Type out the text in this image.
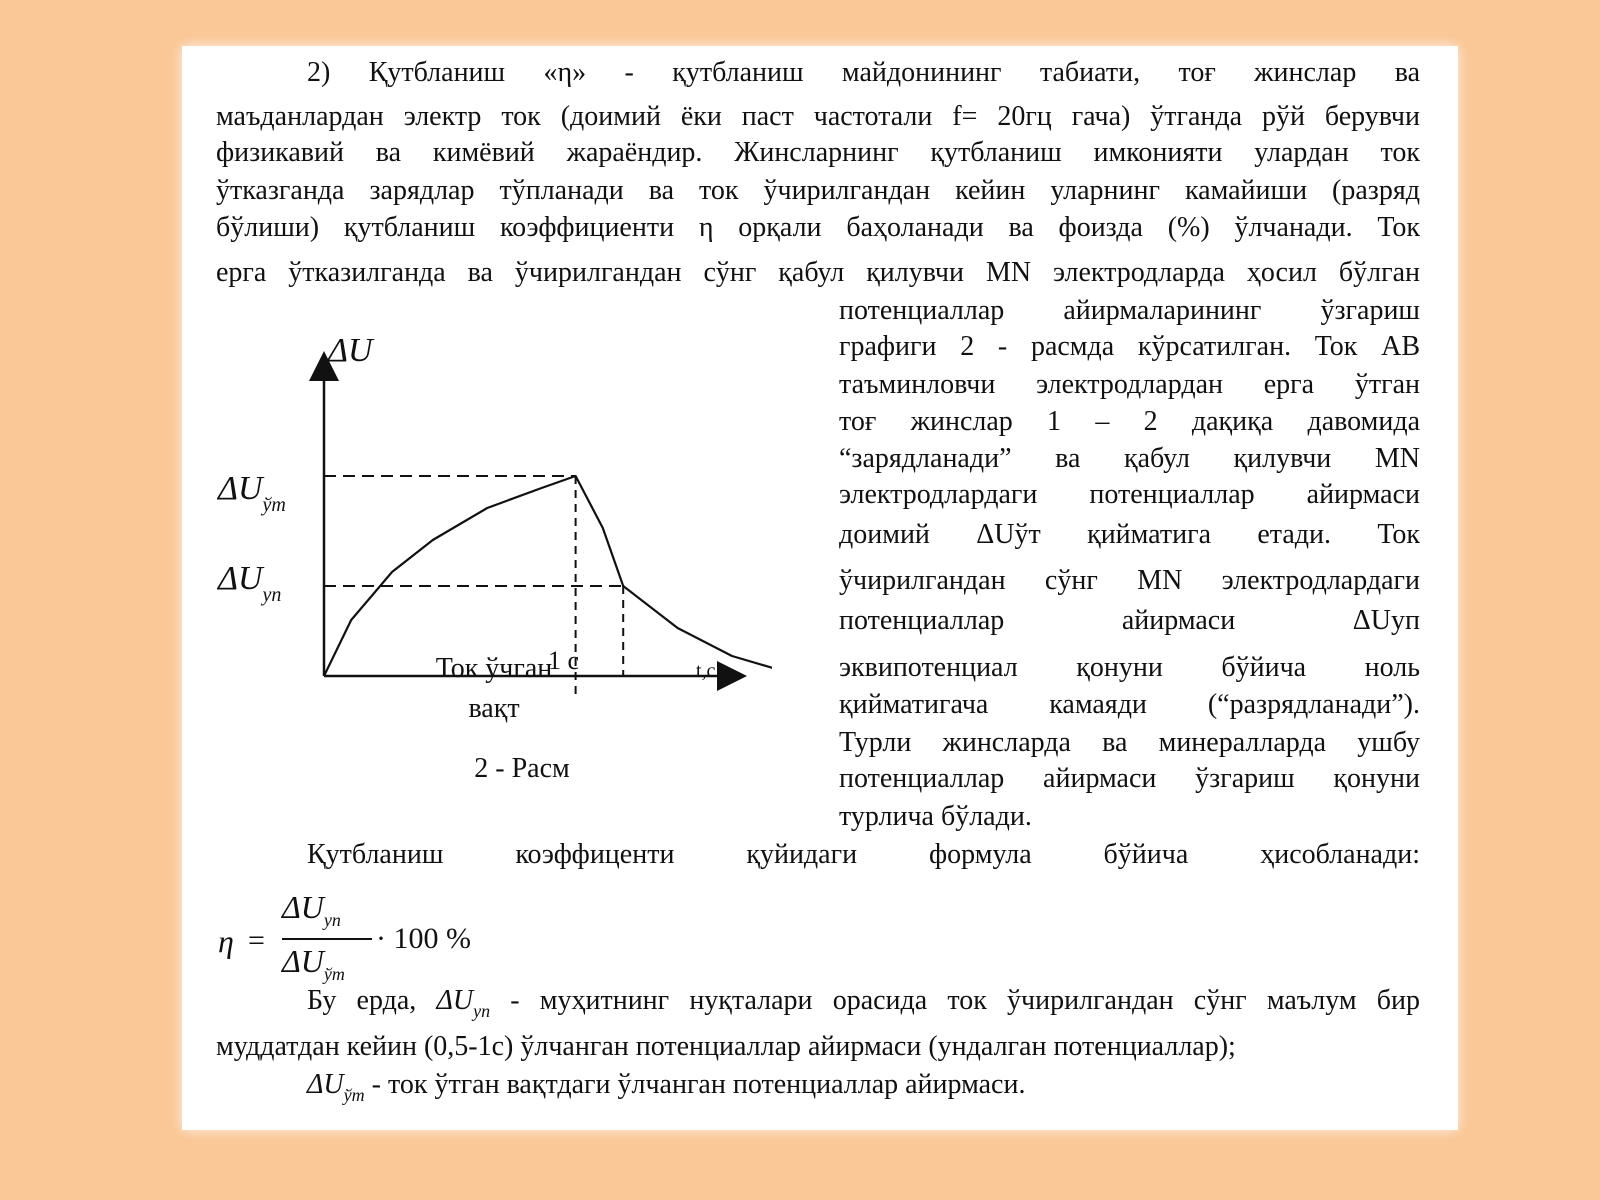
2) Қутбланиш «η» - қутбланиш майдонининг табиати, тоғ жинслар ва
маъданлардан электр ток (доимий ёки паст частотали f= 20гц гача) ўтганда рўй берувчи
физикавий ва кимёвий жараёндир. Жинсларнинг қутбланиш имконияти улардан ток
ўтказганда зарядлар тўпланади ва ток ўчирилгандан кейин уларнинг камайиши (разряд
бўлиши) қутбланиш коэффициенти η орқали баҳоланади ва фоизда (%) ўлчанади. Ток
ерга ўтказилганда ва ўчирилгандан сўнг қабул қилувчи MN электродларда ҳосил бўлган
потенциаллар айирмаларининг ўзгариш
графиги 2 - расмда кўрсатилган. Ток АВ
таъминловчи электродлардан ерга ўтган
тоғ жинслар 1 – 2 дақиқа давомида
“зарядланади” ва қабул қилувчи MN
электродлардаги потенциаллар айирмаси
доимий ΔUўт қийматига етади. Ток
ўчирилгандан сўнг MN электродлардаги
потенциаллар айирмаси ΔUуп
эквипотенциал қонуни бўйича ноль
қийматигача камаяди (“разрядланади”).
Турли жинсларда ва минералларда ушбу
потенциаллар айирмаси ўзгариш қонуни
турлича бўлади.
ΔU
$\Delta U_{ўт}$
$\Delta U_{уп}$
1 с	t,c
Ток ўчган
вақт
2 - Расм
Қутбланиш коэффиценти қуйидаги формула бўйича ҳисобланади:
η =
$\Delta U_{уп}$
$\Delta U_{ўт}$
· 100 %
Бу ерда, $\Delta U_{уп}$ - муҳитнинг нуқталари орасида ток ўчирилгандан сўнг маълум бир
муддатдан кейин (0,5-1с) ўлчанган потенциаллар айирмаси (ундалган потенциаллар);
$\Delta U_{ўт}$ - ток ўтган вақтдаги ўлчанган потенциаллар айирмаси.
